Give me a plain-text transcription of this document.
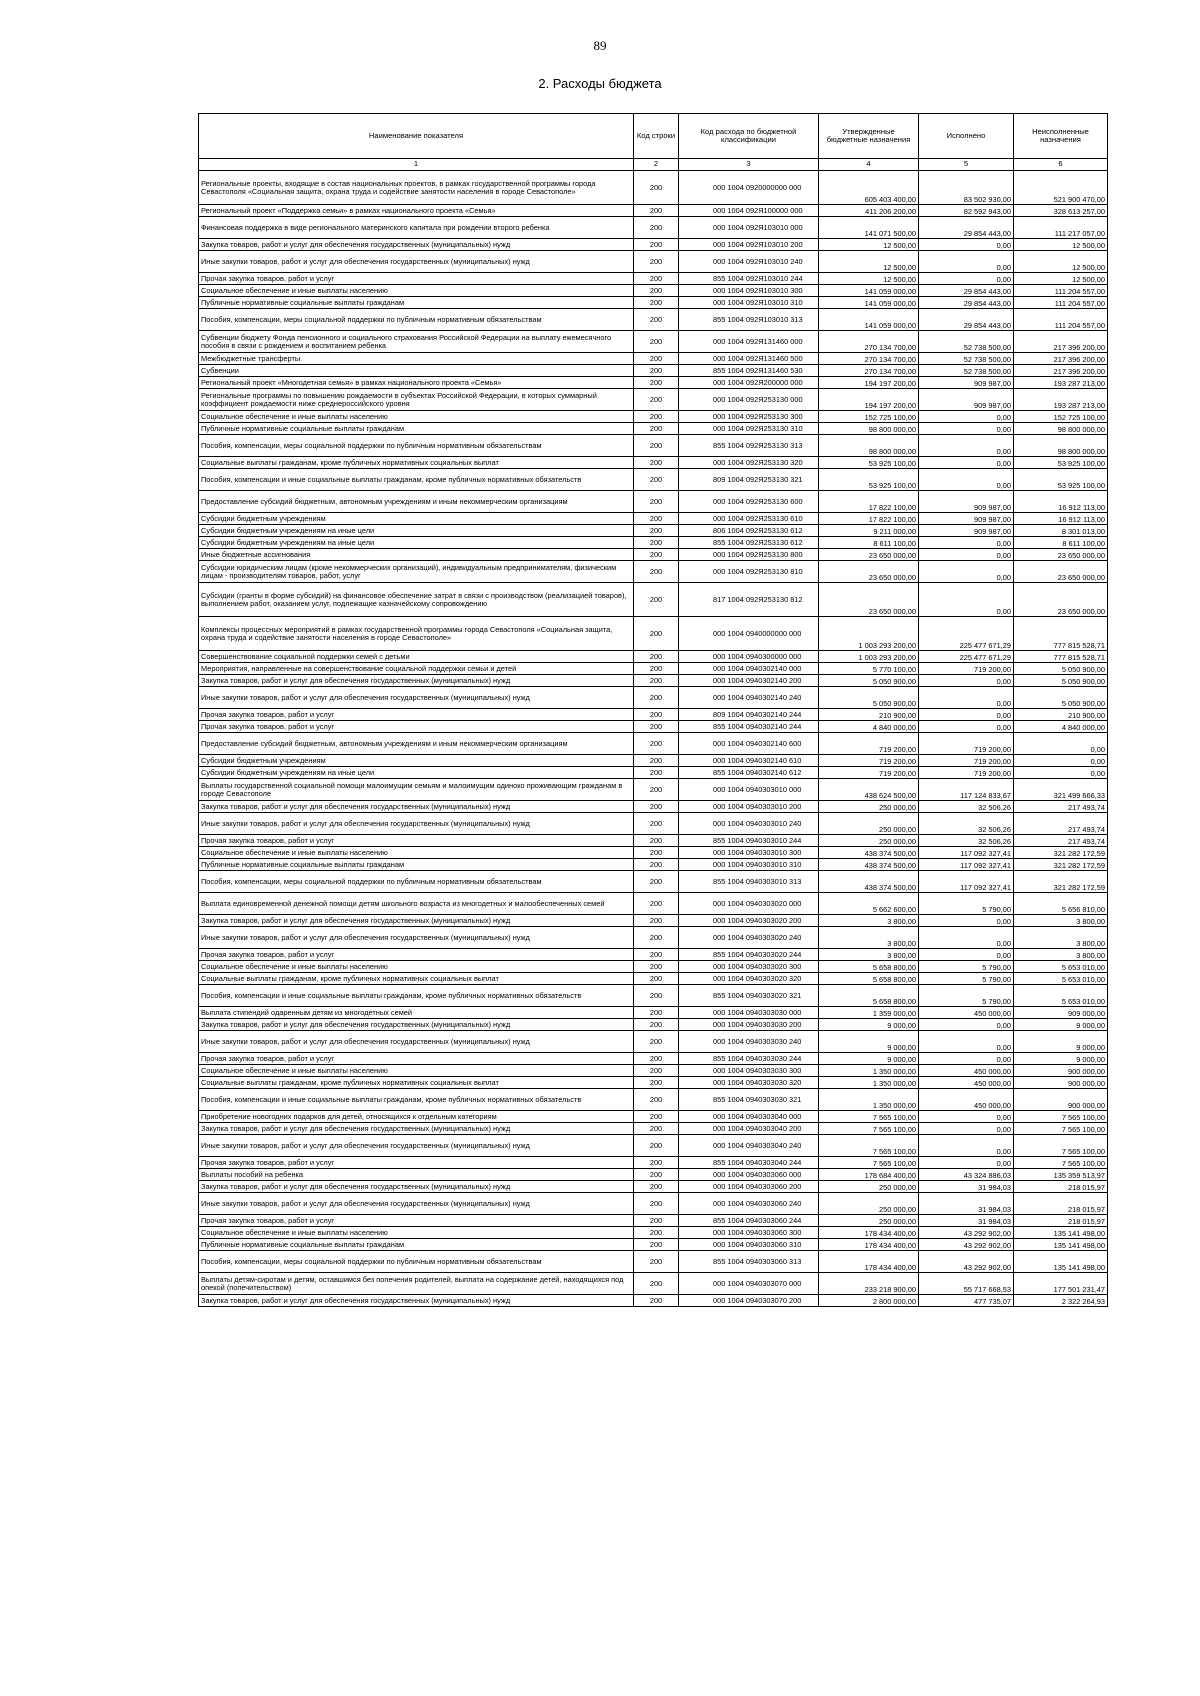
89
2. Расходы бюджета
Наименование показателя	Код строки	Код расхода по бюджетной классификации	Утвержденные бюджетные назначения	Исполнено	Неисполненные назначения
1	2	3	4	5	6
Региональные проекты, входящие в состав национальных проектов, в рамках государственной программы города Севастополя «Социальная защита, охрана труда и содействие занятости населения в городе Севастополе»	200	000 1004 0920000000 000	605 403 400,00	83 502 930,00	521 900 470,00
Региональный проект «Поддержка семьи» в рамках национального проекта «Семья»	200	000 1004 092Я100000 000	411 206 200,00	82 592 943,00	328 613 257,00
Финансовая поддержка в виде регионального материнского капитала при рождении второго ребенка	200	000 1004 092Я103010 000	141 071 500,00	29 854 443,00	111 217 057,00
Закупка товаров, работ и услуг для обеспечения государственных (муниципальных) нужд	200	000 1004 092Я103010 200	12 500,00	0,00	12 500,00
Иные закупки товаров, работ и услуг для обеспечения государственных (муниципальных) нужд	200	000 1004 092Я103010 240	12 500,00	0,00	12 500,00
Прочая закупка товаров, работ и услуг	200	855 1004 092Я103010 244	12 500,00	0,00	12 500,00
Социальное обеспечение и иные выплаты населению	200	000 1004 092Я103010 300	141 059 000,00	29 854 443,00	111 204 557,00
Публичные нормативные социальные выплаты гражданам	200	000 1004 092Я103010 310	141 059 000,00	29 854 443,00	111 204 557,00
Пособия, компенсации, меры социальной поддержки по публичным нормативным обязательствам	200	855 1004 092Я103010 313	141 059 000,00	29 854 443,00	111 204 557,00
Субвенции бюджету Фонда пенсионного и социального страхования Российской Федерации на выплату ежемесячного пособия в связи с рождением и воспитанием ребенка	200	000 1004 092Я131460 000	270 134 700,00	52 738 500,00	217 396 200,00
Межбюджетные трансферты	200	000 1004 092Я131460 500	270 134 700,00	52 738 500,00	217 396 200,00
Субвенции	200	855 1004 092Я131460 530	270 134 700,00	52 738 500,00	217 396 200,00
Региональный проект «Многодетная семья» в рамках национального проекта «Семья»	200	000 1004 092Я200000 000	194 197 200,00	909 987,00	193 287 213,00
Региональные программы по повышению рождаемости в субъектах Российской Федерации, в которых суммарный коэффициент рождаемости ниже среднероссийского уровня	200	000 1004 092Я253130 000	194 197 200,00	909 987,00	193 287 213,00
Социальное обеспечение и иные выплаты населению	200	000 1004 092Я253130 300	152 725 100,00	0,00	152 725 100,00
Публичные нормативные социальные выплаты гражданам	200	000 1004 092Я253130 310	98 800 000,00	0,00	98 800 000,00
Пособия, компенсации, меры социальной поддержки по публичным нормативным обязательствам	200	855 1004 092Я253130 313	98 800 000,00	0,00	98 800 000,00
Социальные выплаты гражданам, кроме публичных нормативных социальных выплат	200	000 1004 092Я253130 320	53 925 100,00	0,00	53 925 100,00
Пособия, компенсации и иные социальные выплаты гражданам, кроме публичных нормативных обязательств	200	809 1004 092Я253130 321	53 925 100,00	0,00	53 925 100,00
Предоставление субсидий бюджетным, автономным учреждениям и иным некоммерческим организациям	200	000 1004 092Я253130 600	17 822 100,00	909 987,00	16 912 113,00
Субсидии бюджетным учреждениям	200	000 1004 092Я253130 610	17 822 100,00	909 987,00	16 912 113,00
Субсидии бюджетным учреждениям на иные цели	200	806 1004 092Я253130 612	9 211 000,00	909 987,00	8 301 013,00
Субсидии бюджетным учреждениям на иные цели	200	855 1004 092Я253130 612	8 611 100,00	0,00	8 611 100,00
Иные бюджетные ассигнования	200	000 1004 092Я253130 800	23 650 000,00	0,00	23 650 000,00
Субсидии юридическим лицам (кроме некоммерческих организаций), индивидуальным предпринимателям, физическим лицам - производителям товаров, работ, услуг	200	000 1004 092Я253130 810	23 650 000,00	0,00	23 650 000,00
Субсидии (гранты в форме субсидий) на финансовое обеспечение затрат в связи с производством (реализацией товаров), выполнением работ, оказанием услуг, подлежащие казначейскому сопровождению	200	817 1004 092Я253130 812	23 650 000,00	0,00	23 650 000,00
Комплексы процессных мероприятий в рамках государственной программы города Севастополя «Социальная защита, охрана труда и содействие занятости населения в городе Севастополе»	200	000 1004 0940000000 000	1 003 293 200,00	225 477 671,29	777 815 528,71
Совершенствование социальной поддержки семей с детьми	200	000 1004 0940300000 000	1 003 293 200,00	225 477 671,29	777 815 528,71
Мероприятия, направленные на совершенствование социальной поддержки семьи и детей	200	000 1004 0940302140 000	5 770 100,00	719 200,00	5 050 900,00
Закупка товаров, работ и услуг для обеспечения государственных (муниципальных) нужд	200	000 1004 0940302140 200	5 050 900,00	0,00	5 050 900,00
Иные закупки товаров, работ и услуг для обеспечения государственных (муниципальных) нужд	200	000 1004 0940302140 240	5 050 900,00	0,00	5 050 900,00
Прочая закупка товаров, работ и услуг	200	809 1004 0940302140 244	210 900,00	0,00	210 900,00
Прочая закупка товаров, работ и услуг	200	855 1004 0940302140 244	4 840 000,00	0,00	4 840 000,00
Предоставление субсидий бюджетным, автономным учреждениям и иным некоммерческим организациям	200	000 1004 0940302140 600	719 200,00	719 200,00	0,00
Субсидии бюджетным учреждениям	200	000 1004 0940302140 610	719 200,00	719 200,00	0,00
Субсидии бюджетным учреждениям на иные цели	200	855 1004 0940302140 612	719 200,00	719 200,00	0,00
Выплаты государственной социальной помощи малоимущим семьям и малоимущим одиноко проживающим гражданам в городе Севастополе	200	000 1004 0940303010 000	438 624 500,00	117 124 833,67	321 499 666,33
Закупка товаров, работ и услуг для обеспечения государственных (муниципальных) нужд	200	000 1004 0940303010 200	250 000,00	32 506,26	217 493,74
Иные закупки товаров, работ и услуг для обеспечения государственных (муниципальных) нужд	200	000 1004 0940303010 240	250 000,00	32 506,26	217 493,74
Прочая закупка товаров, работ и услуг	200	855 1004 0940303010 244	250 000,00	32 506,26	217 493,74
Социальное обеспечение и иные выплаты населению	200	000 1004 0940303010 300	438 374 500,00	117 092 327,41	321 282 172,59
Публичные нормативные социальные выплаты гражданам	200	000 1004 0940303010 310	438 374 500,00	117 092 327,41	321 282 172,59
Пособия, компенсации, меры социальной поддержки по публичным нормативным обязательствам	200	855 1004 0940303010 313	438 374 500,00	117 092 327,41	321 282 172,59
Выплата единовременной денежной помощи детям школьного возраста из многодетных и малообеспеченных семей	200	000 1004 0940303020 000	5 662 600,00	5 790,00	5 656 810,00
Закупка товаров, работ и услуг для обеспечения государственных (муниципальных) нужд	200	000 1004 0940303020 200	3 800,00	0,00	3 800,00
Иные закупки товаров, работ и услуг для обеспечения государственных (муниципальных) нужд	200	000 1004 0940303020 240	3 800,00	0,00	3 800,00
Прочая закупка товаров, работ и услуг	200	855 1004 0940303020 244	3 800,00	0,00	3 800,00
Социальное обеспечение и иные выплаты населению	200	000 1004 0940303020 300	5 658 800,00	5 790,00	5 653 010,00
Социальные выплаты гражданам, кроме публичных нормативных социальных выплат	200	000 1004 0940303020 320	5 658 800,00	5 790,00	5 653 010,00
Пособия, компенсации и иные социальные выплаты гражданам, кроме публичных нормативных обязательств	200	855 1004 0940303020 321	5 658 800,00	5 790,00	5 653 010,00
Выплата стипендий одаренным детям из многодетных семей	200	000 1004 0940303030 000	1 359 000,00	450 000,00	909 000,00
Закупка товаров, работ и услуг для обеспечения государственных (муниципальных) нужд	200	000 1004 0940303030 200	9 000,00	0,00	9 000,00
Иные закупки товаров, работ и услуг для обеспечения государственных (муниципальных) нужд	200	000 1004 0940303030 240	9 000,00	0,00	9 000,00
Прочая закупка товаров, работ и услуг	200	855 1004 0940303030 244	9 000,00	0,00	9 000,00
Социальное обеспечение и иные выплаты населению	200	000 1004 0940303030 300	1 350 000,00	450 000,00	900 000,00
Социальные выплаты гражданам, кроме публичных нормативных социальных выплат	200	000 1004 0940303030 320	1 350 000,00	450 000,00	900 000,00
Пособия, компенсации и иные социальные выплаты гражданам, кроме публичных нормативных обязательств	200	855 1004 0940303030 321	1 350 000,00	450 000,00	900 000,00
Приобретение новогодних подарков для детей, относящихся к отдельным категориям	200	000 1004 0940303040 000	7 565 100,00	0,00	7 565 100,00
Закупка товаров, работ и услуг для обеспечения государственных (муниципальных) нужд	200	000 1004 0940303040 200	7 565 100,00	0,00	7 565 100,00
Иные закупки товаров, работ и услуг для обеспечения государственных (муниципальных) нужд	200	000 1004 0940303040 240	7 565 100,00	0,00	7 565 100,00
Прочая закупка товаров, работ и услуг	200	855 1004 0940303040 244	7 565 100,00	0,00	7 565 100,00
Выплаты пособий на ребенка	200	000 1004 0940303060 000	178 684 400,00	43 324 886,03	135 359 513,97
Закупка товаров, работ и услуг для обеспечения государственных (муниципальных) нужд	200	000 1004 0940303060 200	250 000,00	31 984,03	218 015,97
Иные закупки товаров, работ и услуг для обеспечения государственных (муниципальных) нужд	200	000 1004 0940303060 240	250 000,00	31 984,03	218 015,97
Прочая закупка товаров, работ и услуг	200	855 1004 0940303060 244	250 000,00	31 984,03	218 015,97
Социальное обеспечение и иные выплаты населению	200	000 1004 0940303060 300	178 434 400,00	43 292 902,00	135 141 498,00
Публичные нормативные социальные выплаты гражданам	200	000 1004 0940303060 310	178 434 400,00	43 292 902,00	135 141 498,00
Пособия, компенсации, меры социальной поддержки по публичным нормативным обязательствам	200	855 1004 0940303060 313	178 434 400,00	43 292 902,00	135 141 498,00
Выплаты детям-сиротам и детям, оставшимся без попечения родителей, выплата на содержание детей, находящихся под опекой (попечительством)	200	000 1004 0940303070 000	233 218 900,00	55 717 668,53	177 501 231,47
Закупка товаров, работ и услуг для обеспечения государственных (муниципальных) нужд	200	000 1004 0940303070 200	2 800 000,00	477 735,07	2 322 264,93
